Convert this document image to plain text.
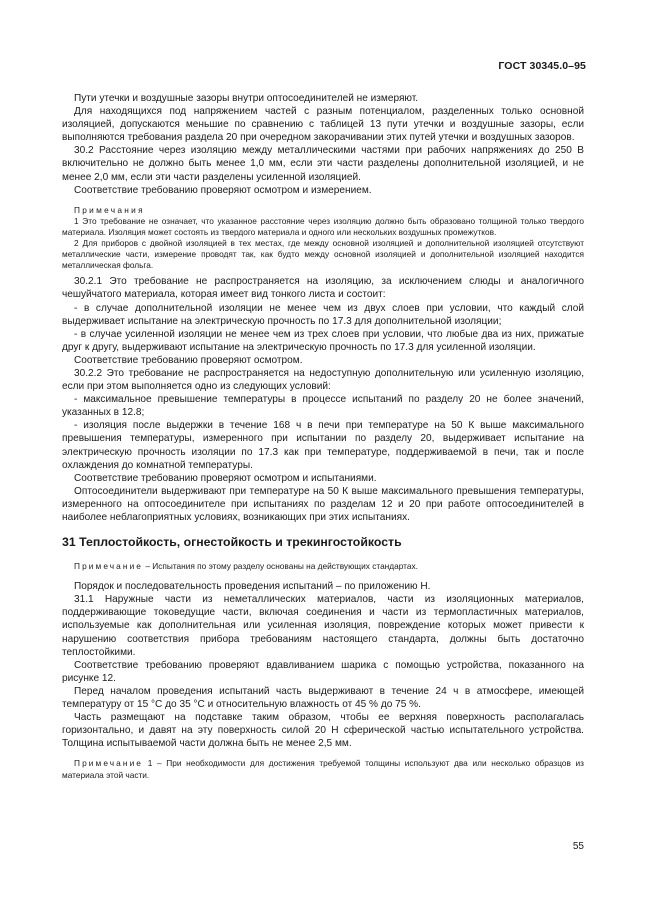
ГОСТ 30345.0–95

Пути утечки и воздушные зазоры внутри оптосоединителей не измеряют.

Для находящихся под напряжением частей с разным потенциалом, разделенных только основной изоляцией, допускаются меньшие по сравнению с таблицей 13 пути утечки и воздушные зазоры, если выполняются требования раздела 20 при очередном закорачивании этих путей утечки и воздушных зазоров.

30.2 Расстояние через изоляцию между металлическими частями при рабочих напряжениях до 250 В включительно не должно быть менее 1,0 мм, если эти части разделены дополнительной изоляцией, и не менее 2,0 мм, если эти части разделены усиленной изоляцией.

Соответствие требованию проверяют осмотром и измерением.

Примечания

1 Это требование не означает, что указанное расстояние через изоляцию должно быть образовано толщиной только твердого материала. Изоляция может состоять из твердого материала и одного или нескольких воздушных промежутков.

2 Для приборов с двойной изоляцией в тех местах, где между основной изоляцией и дополнительной изоляцией отсутствуют металлические части, измерение проводят так, как будто между основной изоляцией и дополнительной изоляцией находится металлическая фольга.

30.2.1 Это требование не распространяется на изоляцию, за исключением слюды и аналогичного чешуйчатого материала, которая имеет вид тонкого листа и состоит:

- в случае дополнительной изоляции не менее чем из двух слоев при условии, что каждый слой выдерживает испытание на электрическую прочность по 17.3 для дополнительной изоляции;

- в случае усиленной изоляции не менее чем из трех слоев при условии, что любые два из них, прижатые друг к другу, выдерживают испытание на электрическую прочность по 17.3 для усиленной изоляции.

Соответствие требованию проверяют осмотром.

30.2.2 Это требование не распространяется на недоступную дополнительную или усиленную изоляцию, если при этом выполняется одно из следующих условий:

- максимальное превышение температуры в процессе испытаний по разделу 20 не более значений, указанных в 12.8;

- изоляция после выдержки в течение 168 ч в печи при температуре на 50 К выше максимального превышения температуры, измеренного при испытании по разделу 20, выдерживает испытание на электрическую прочность изоляции по 17.3 как при температуре, поддерживаемой в печи, так и после охлаждения до комнатной температуры.

Соответствие требованию проверяют осмотром и испытаниями.

Оптосоединители выдерживают при температуре на 50 К выше максимального превышения температуры, измеренного на оптосоединителе при испытаниях по разделам 12 и 20 при работе оптосоединителей в наиболее неблагоприятных условиях, возникающих при этих испытаниях.

31 Теплостойкость, огнестойкость и трекингостойкость

Примечание – Испытания по этому разделу основаны на действующих стандартах.

Порядок и последовательность проведения испытаний – по приложению Н.

31.1 Наружные части из неметаллических материалов, части из изоляционных материалов, поддерживающие токоведущие части, включая соединения и части из термопластичных материалов, используемые как дополнительная или усиленная изоляция, повреждение которых может привести к нарушению соответствия прибора требованиям настоящего стандарта, должны быть достаточно теплостойкими.

Соответствие требованию проверяют вдавливанием шарика с помощью устройства, показанного на рисунке 12.

Перед началом проведения испытаний часть выдерживают в течение 24 ч в атмосфере, имеющей температуру от 15 °С до 35 °С и относительную влажность от 45 % до 75 %.

Часть размещают на подставке таким образом, чтобы ее верхняя поверхность располагалась горизонтально, и давят на эту поверхность силой 20 Н сферической частью испытательного устройства. Толщина испытываемой части должна быть не менее 2,5 мм.

Примечание 1 – При необходимости для достижения требуемой толщины используют два или несколько образцов из материала этой части.

55
